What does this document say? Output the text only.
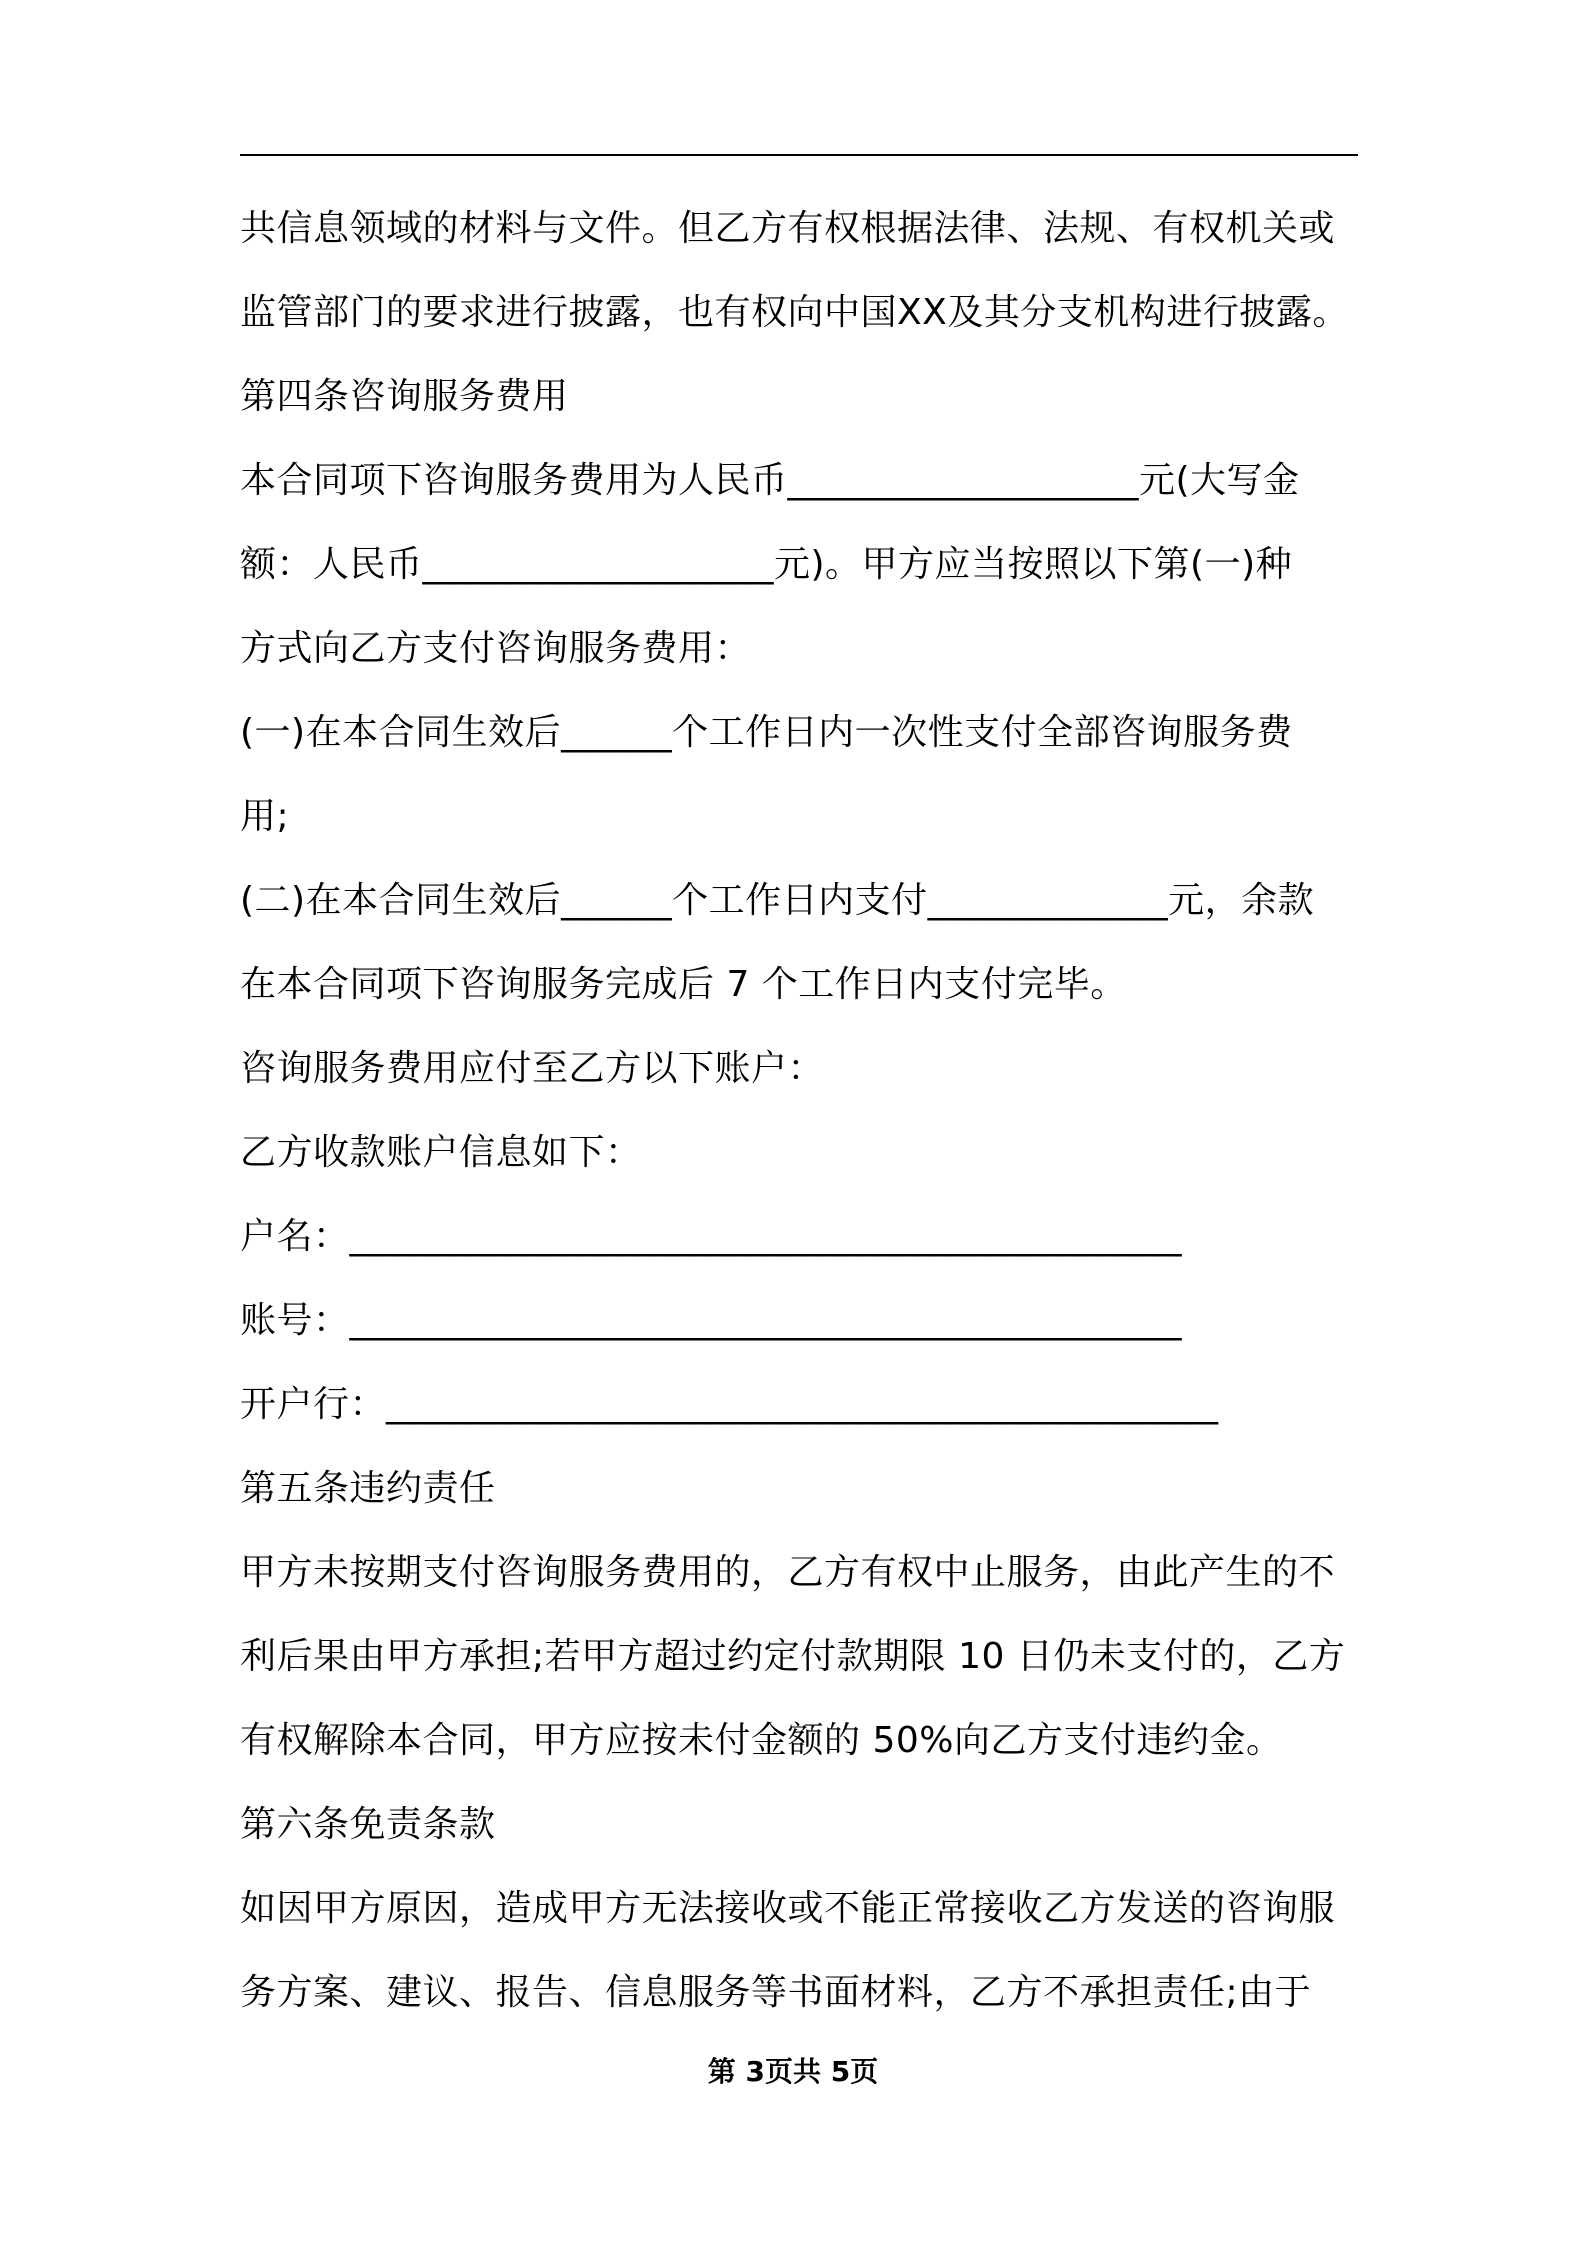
共信息领域的材料与文件。但乙方有权根据法律、法规、有权机关或
监管部门的要求进行披露，也有权向中国XX及其分支机构进行披露。
第四条咨询服务费用
本合同项下咨询服务费用为人民币___________________元(大写金
额：人民币___________________元)。甲方应当按照以下第(一)种
方式向乙方支付咨询服务费用：
(一)在本合同生效后______个工作日内一次性支付全部咨询服务费
用;
(二)在本合同生效后______个工作日内支付_____________元，余款
在本合同项下咨询服务完成后 7 个工作日内支付完毕。
咨询服务费用应付至乙方以下账户：
乙方收款账户信息如下：
户名：_____________________________________________
账号：_____________________________________________
开户行：_____________________________________________
第五条违约责任
甲方未按期支付咨询服务费用的，乙方有权中止服务，由此产生的不
利后果由甲方承担;若甲方超过约定付款期限 10 日仍未支付的，乙方
有权解除本合同，甲方应按未付金额的 50%向乙方支付违约金。
第六条免责条款
如因甲方原因，造成甲方无法接收或不能正常接收乙方发送的咨询服
务方案、建议、报告、信息服务等书面材料，乙方不承担责任;由于
第 3页共 5页
